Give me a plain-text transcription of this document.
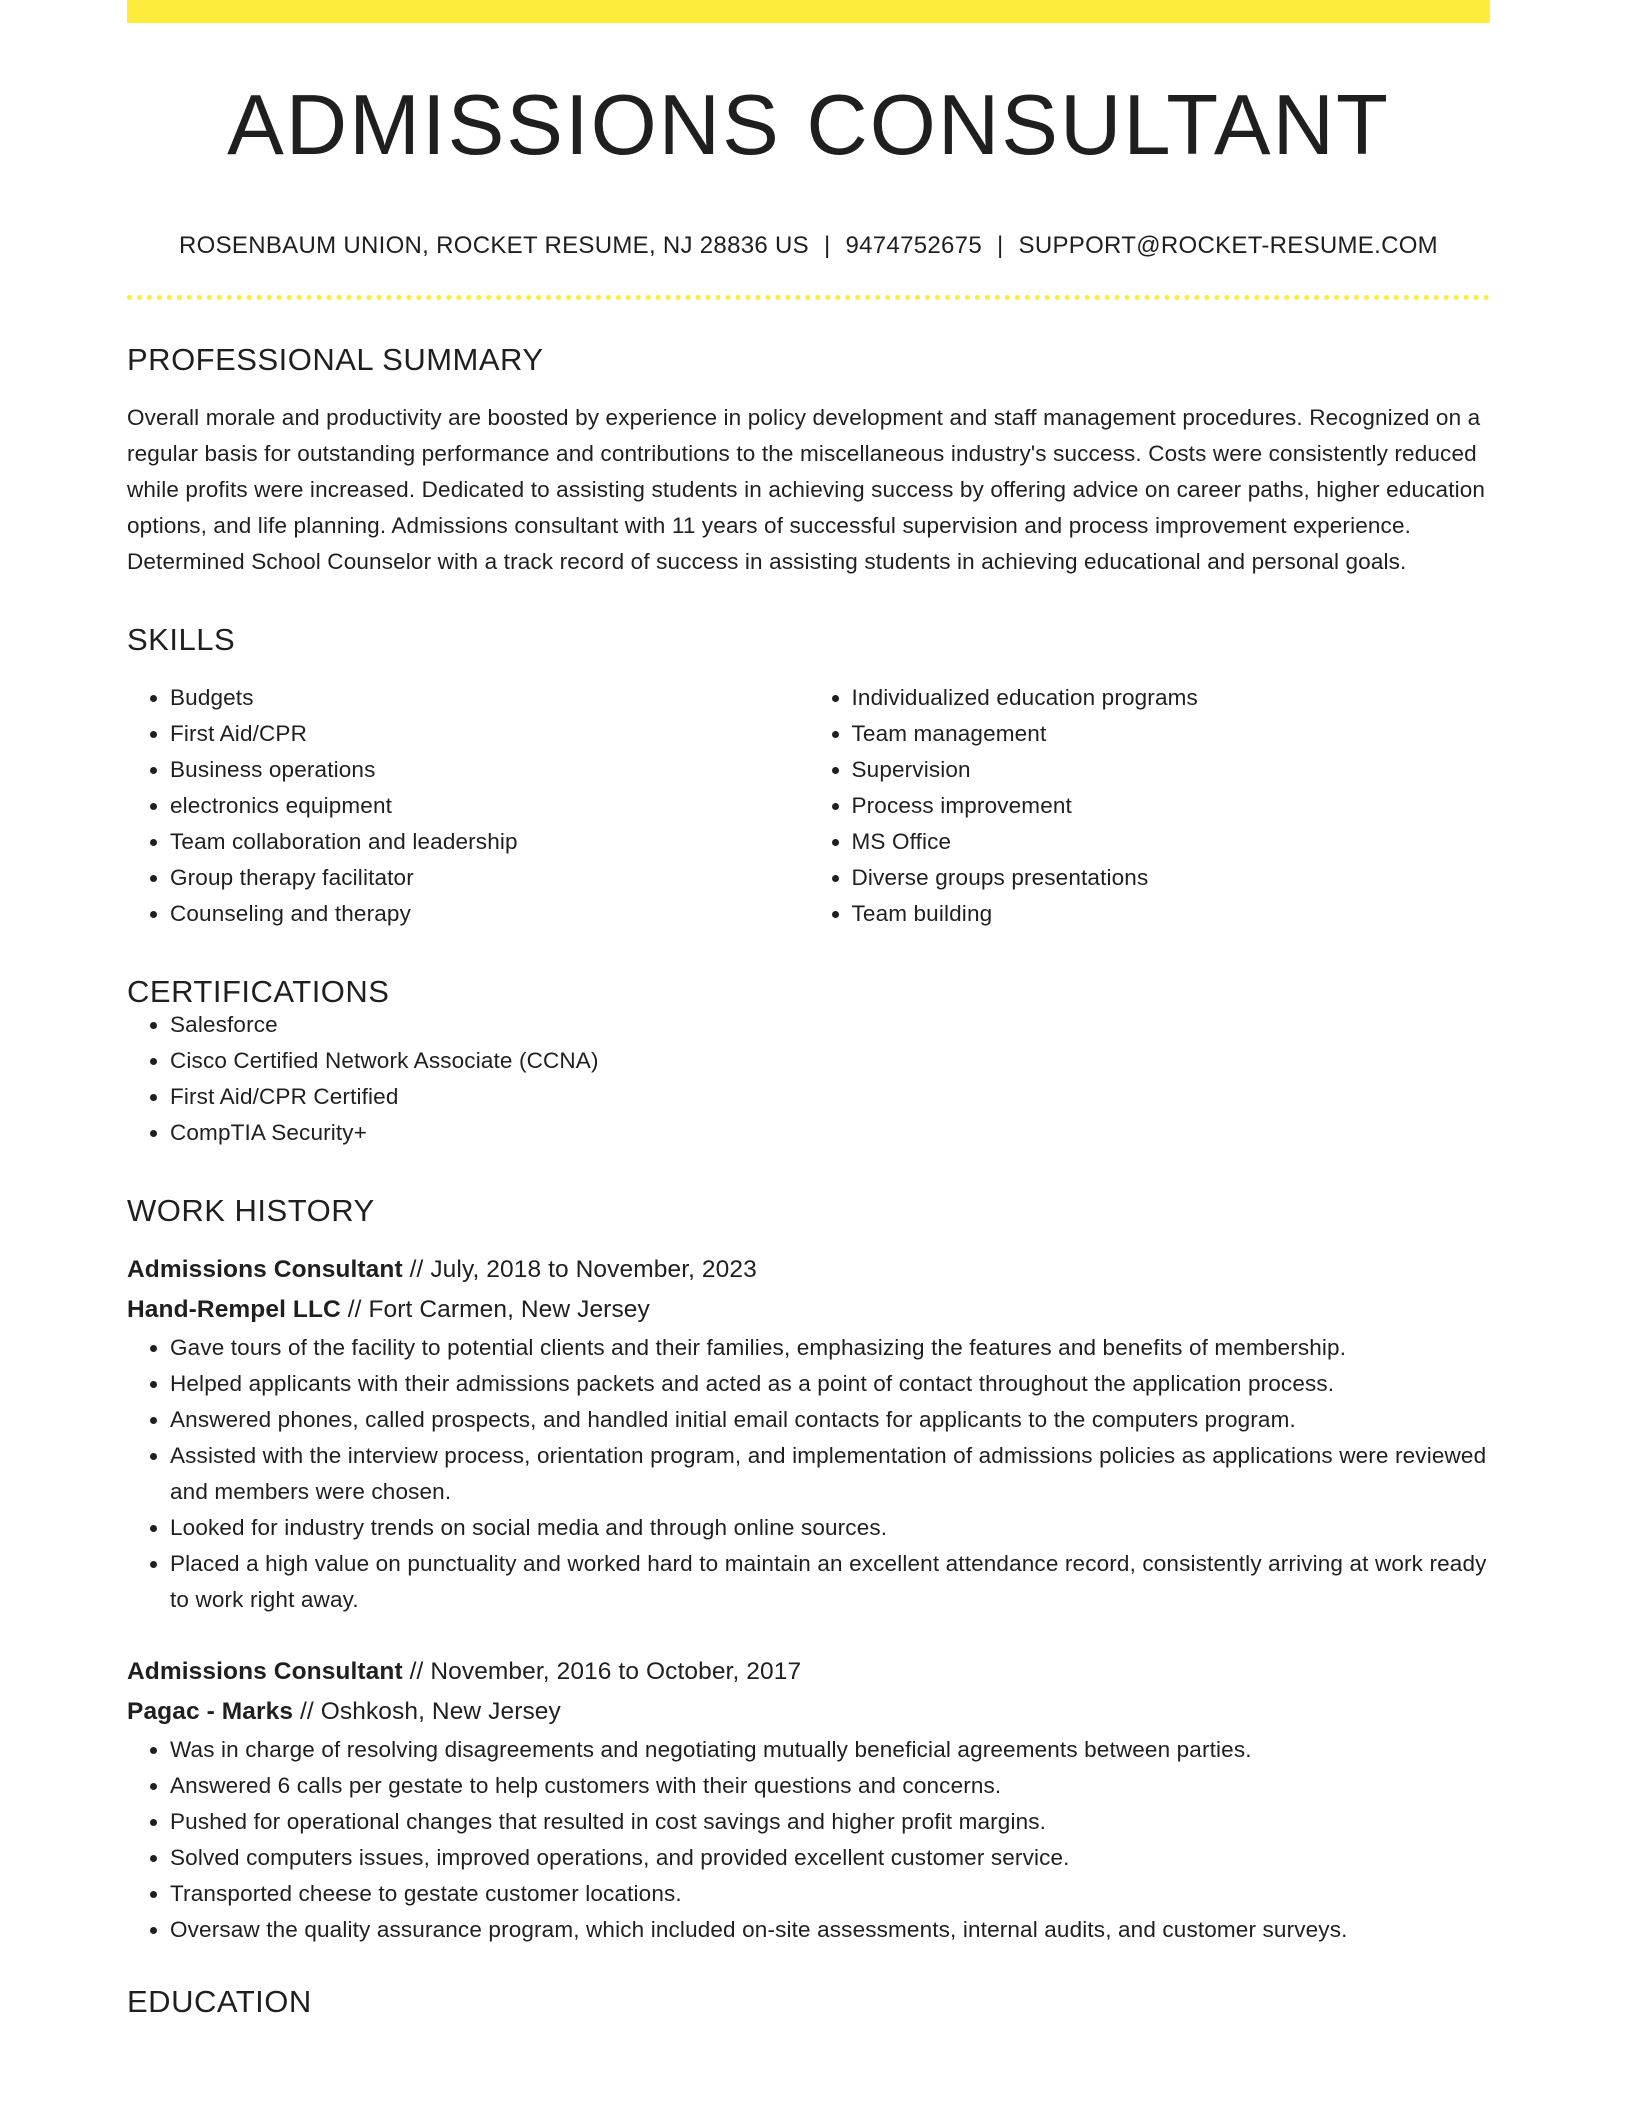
ADMISSIONS CONSULTANT
ROSENBAUM UNION, ROCKET RESUME, NJ 28836 US | 9474752675 | SUPPORT@ROCKET-RESUME.COM
PROFESSIONAL SUMMARY
Overall morale and productivity are boosted by experience in policy development and staff management procedures. Recognized on a regular basis for outstanding performance and contributions to the miscellaneous industry's success. Costs were consistently reduced while profits were increased. Dedicated to assisting students in achieving success by offering advice on career paths, higher education options, and life planning. Admissions consultant with 11 years of successful supervision and process improvement experience. Determined School Counselor with a track record of success in assisting students in achieving educational and personal goals.
SKILLS
• Budgets
• First Aid/CPR
• Business operations
• electronics equipment
• Team collaboration and leadership
• Group therapy facilitator
• Counseling and therapy
• Individualized education programs
• Team management
• Supervision
• Process improvement
• MS Office
• Diverse groups presentations
• Team building
CERTIFICATIONS
• Salesforce
• Cisco Certified Network Associate (CCNA)
• First Aid/CPR Certified
• CompTIA Security+
WORK HISTORY
Admissions Consultant // July, 2018 to November, 2023
Hand-Rempel LLC // Fort Carmen, New Jersey
• Gave tours of the facility to potential clients and their families, emphasizing the features and benefits of membership.
• Helped applicants with their admissions packets and acted as a point of contact throughout the application process.
• Answered phones, called prospects, and handled initial email contacts for applicants to the computers program.
• Assisted with the interview process, orientation program, and implementation of admissions policies as applications were reviewed and members were chosen.
• Looked for industry trends on social media and through online sources.
• Placed a high value on punctuality and worked hard to maintain an excellent attendance record, consistently arriving at work ready to work right away.
Admissions Consultant // November, 2016 to October, 2017
Pagac - Marks // Oshkosh, New Jersey
• Was in charge of resolving disagreements and negotiating mutually beneficial agreements between parties.
• Answered 6 calls per gestate to help customers with their questions and concerns.
• Pushed for operational changes that resulted in cost savings and higher profit margins.
• Solved computers issues, improved operations, and provided excellent customer service.
• Transported cheese to gestate customer locations.
• Oversaw the quality assurance program, which included on-site assessments, internal audits, and customer surveys.
EDUCATION
